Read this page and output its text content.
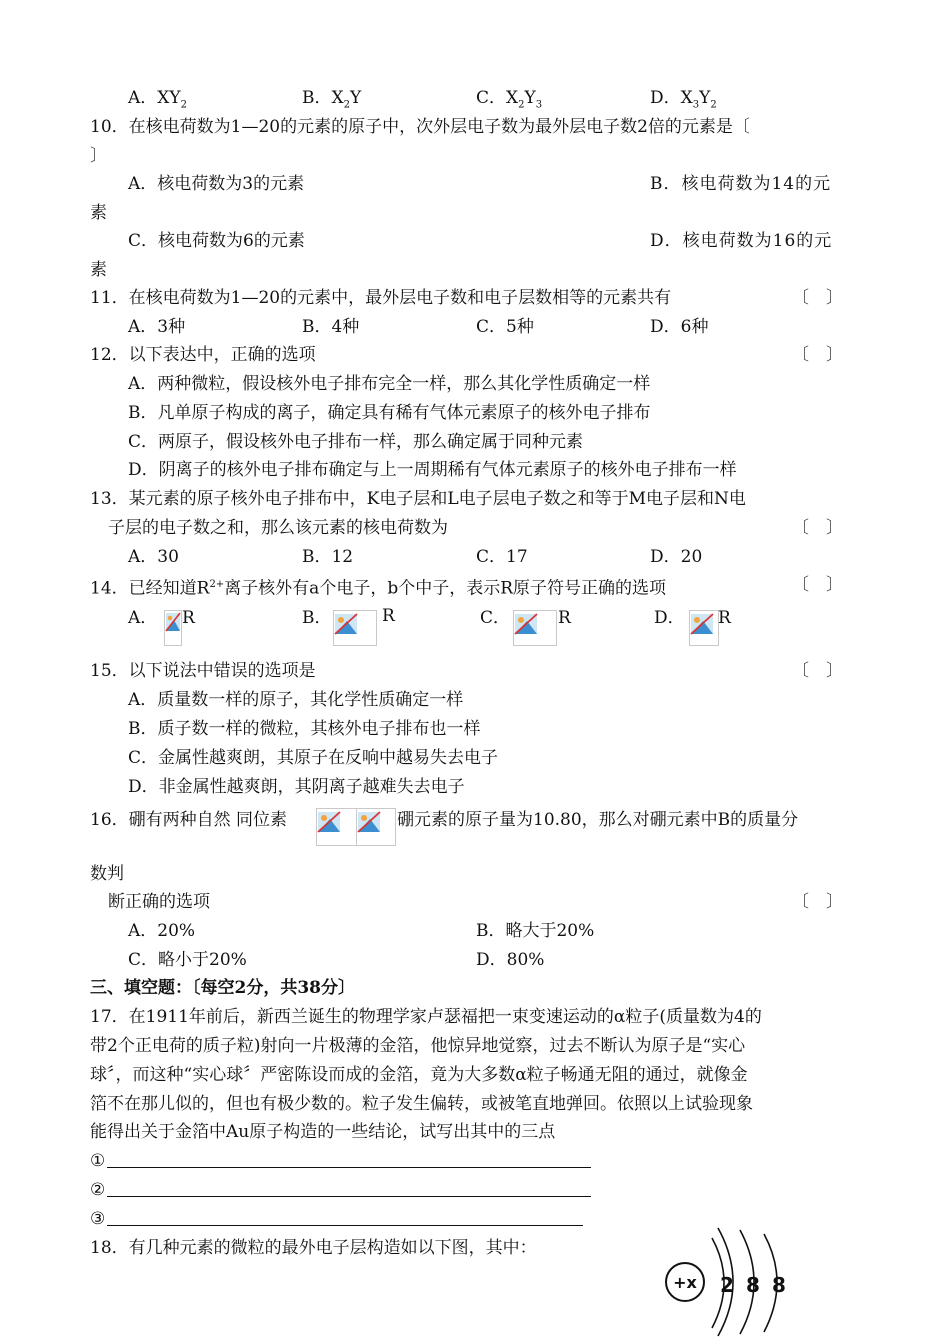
A．$XY_2$	B．$X_2Y$	C．$X_2Y_3$	D．$X_3Y_2$
10．在核电荷数为1—20的元素的原子中，次外层电子数为最外层电子数2倍的元素是〔
〕
A．核电荷数为3的元素	B．核电荷数为14的元
素
C．核电荷数为6的元素	D．核电荷数为16的元
素
11．在核电荷数为1—20的元素中，最外层电子数和电子层数相等的元素共有	〔　〕
A．3种	B．4种	C．5种	D．6种
12．以下表达中，正确的选项	〔　〕
A．两种微粒，假设核外电子排布完全一样，那么其化学性质确定一样
B．凡单原子构成的离子，确定具有稀有气体元素原子的核外电子排布
C．两原子，假设核外电子排布一样，那么确定属于同种元素
D．阴离子的核外电子排布确定与上一周期稀有气体元素原子的核外电子排布一样
13．某元素的原子核外电子排布中，K电子层和L电子层电子数之和等于M电子层和N电
子层的电子数之和，那么该元素的核电荷数为	〔　〕
A．30	B．12	C．17	D．20
14．已经知道$R^{2+}$离子核外有a个电子，b个中子，表示R原子符号正确的选项	〔　〕
A． R	B．	R	C．	R	D． R
15．以下说法中错误的选项是	〔　〕
A．质量数一样的原子，其化学性质确定一样
B．质子数一样的微粒，其核外电子排布也一样
C．金属性越爽朗，其原子在反响中越易失去电子
D．非金属性越爽朗，其阴离子越难失去电子
16．硼有两种自然 同位素	硼元素的原子量为10.80，那么对硼元素中B的质量分
数判
断正确的选项	〔　〕
A．20%	B．略大于20%
C．略小于20%	D．80%
三、填空题：〔每空2分，共38分〕
17．在1911年前后，新西兰诞生的物理学家卢瑟福把一束变速运动的α粒子(质量数为4的
带2个正电荷的质子粒)射向一片极薄的金箔，他惊异地觉察，过去不断认为原子是“实心
球〞，而这种“实心球〞严密陈设而成的金箔，竟为大多数α粒子畅通无阻的通过，就像金
箔不在那儿似的，但也有极少数的。粒子发生偏转，或被笔直地弹回。依照以上试验现象
能得出关于金箔中Au原子构造的一些结论，试写出其中的三点
①
②
③
18．有几种元素的微粒的最外电子层构造如以下图，其中：
+x 2 8 8
